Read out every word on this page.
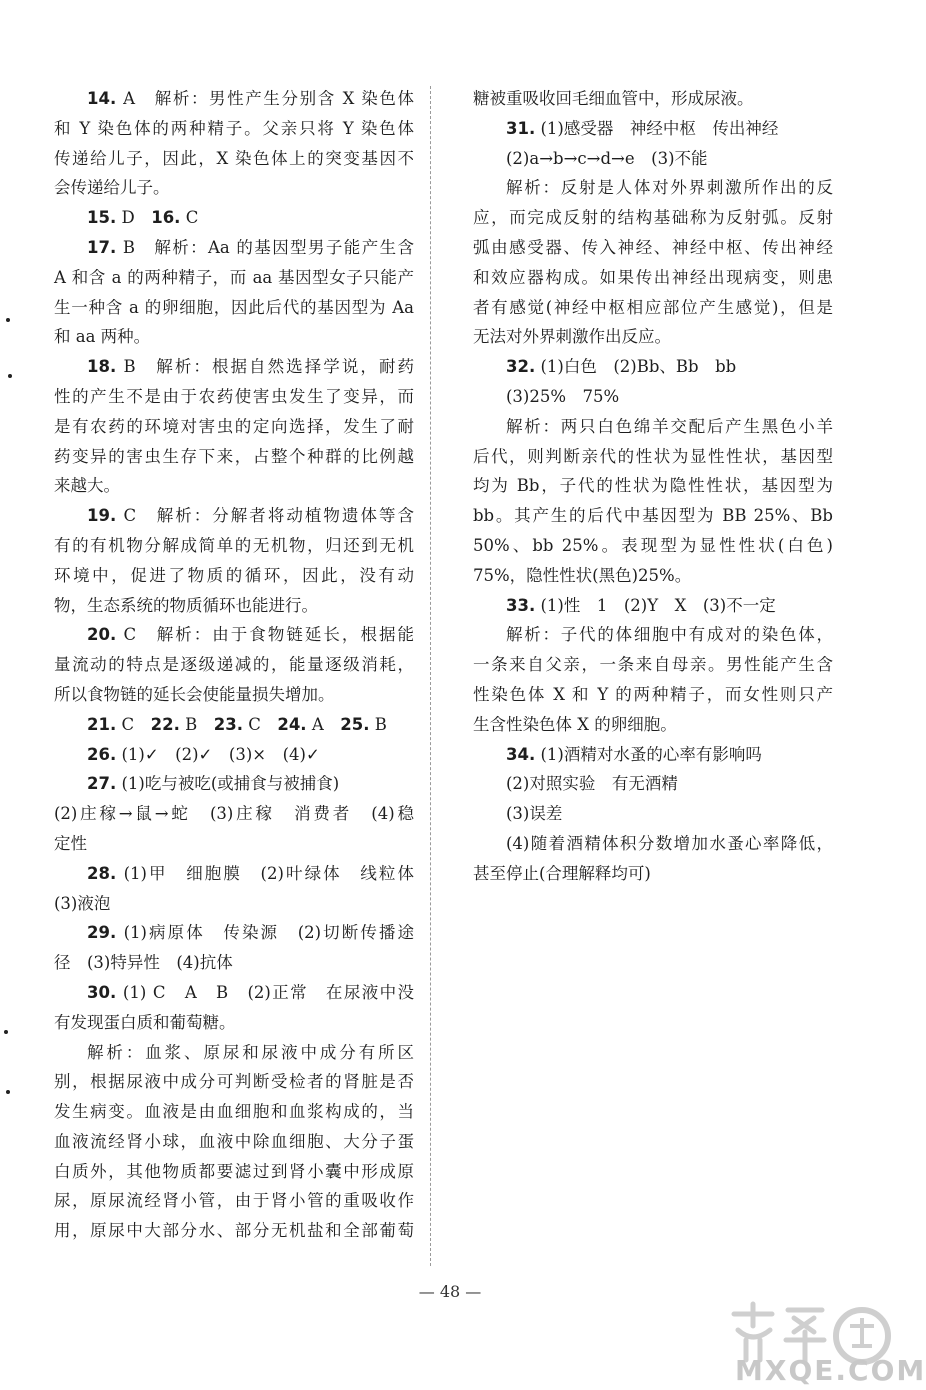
14. A　解析：男性产生分别含 X 染色体
和 Y 染色体的两种精子。父亲只将 Y 染色体
传递给儿子，因此，X 染色体上的突变基因不
会传递给儿子。
15. D　16. C
17. B　解析：Aa 的基因型男子能产生含
A 和含 a 的两种精子，而 aa 基因型女子只能产
生一种含 a 的卵细胞，因此后代的基因型为 Aa
和 aa 两种。
18. B　解析：根据自然选择学说，耐药
性的产生不是由于农药使害虫发生了变异，而
是有农药的环境对害虫的定向选择，发生了耐
药变异的害虫生存下来，占整个种群的比例越
来越大。
19. C　解析：分解者将动植物遗体等含
有的有机物分解成简单的无机物，归还到无机
环境中，促进了物质的循环，因此，没有动
物，生态系统的物质循环也能进行。
20. C　解析：由于食物链延长，根据能
量流动的特点是逐级递减的，能量逐级消耗，
所以食物链的延长会使能量损失增加。
21. C　22. B　23. C　24. A　25. B
26. (1)✓　(2)✓　(3)×　(4)✓
27. (1)吃与被吃(或捕食与被捕食)
(2)庄稼→鼠→蛇　(3)庄稼　消费者　(4)稳
定性
28. (1)甲　细胞膜　(2)叶绿体　线粒体
(3)液泡
29. (1)病原体　传染源　(2)切断传播途
径　(3)特异性　(4)抗体
30. (1) C　A　B　(2)正常　在尿液中没
有发现蛋白质和葡萄糖。
解析：血浆、原尿和尿液中成分有所区
别，根据尿液中成分可判断受检者的肾脏是否
发生病变。血液是由血细胞和血浆构成的，当
血液流经肾小球，血液中除血细胞、大分子蛋
白质外，其他物质都要滤过到肾小囊中形成原
尿，原尿流经肾小管，由于肾小管的重吸收作
用，原尿中大部分水、部分无机盐和全部葡萄
糖被重吸收回毛细血管中，形成尿液。
31. (1)感受器　神经中枢　传出神经
(2)a→b→c→d→e　(3)不能
解析：反射是人体对外界刺激所作出的反
应，而完成反射的结构基础称为反射弧。反射
弧由感受器、传入神经、神经中枢、传出神经
和效应器构成。如果传出神经出现病变，则患
者有感觉(神经中枢相应部位产生感觉)，但是
无法对外界刺激作出反应。
32. (1)白色　(2)Bb、Bb　bb
(3)25%　75%
解析：两只白色绵羊交配后产生黑色小羊
后代，则判断亲代的性状为显性性状，基因型
均为 Bb，子代的性状为隐性性状，基因型为
bb。其产生的后代中基因型为 BB 25%、Bb
50%、bb 25%。表现型为显性性状(白色)
75%，隐性性状(黑色)25%。
33. (1)性　1　(2)Y　X　(3)不一定
解析：子代的体细胞中有成对的染色体，
一条来自父亲，一条来自母亲。男性能产生含
性染色体 X 和 Y 的两种精子，而女性则只产
生含性染色体 X 的卵细胞。
34. (1)酒精对水蚤的心率有影响吗
(2)对照实验　有无酒精
(3)误差
(4)随着酒精体积分数增加水蚤心率降低，
甚至停止(合理解释均可)
— 48 —
MXQE.COM
